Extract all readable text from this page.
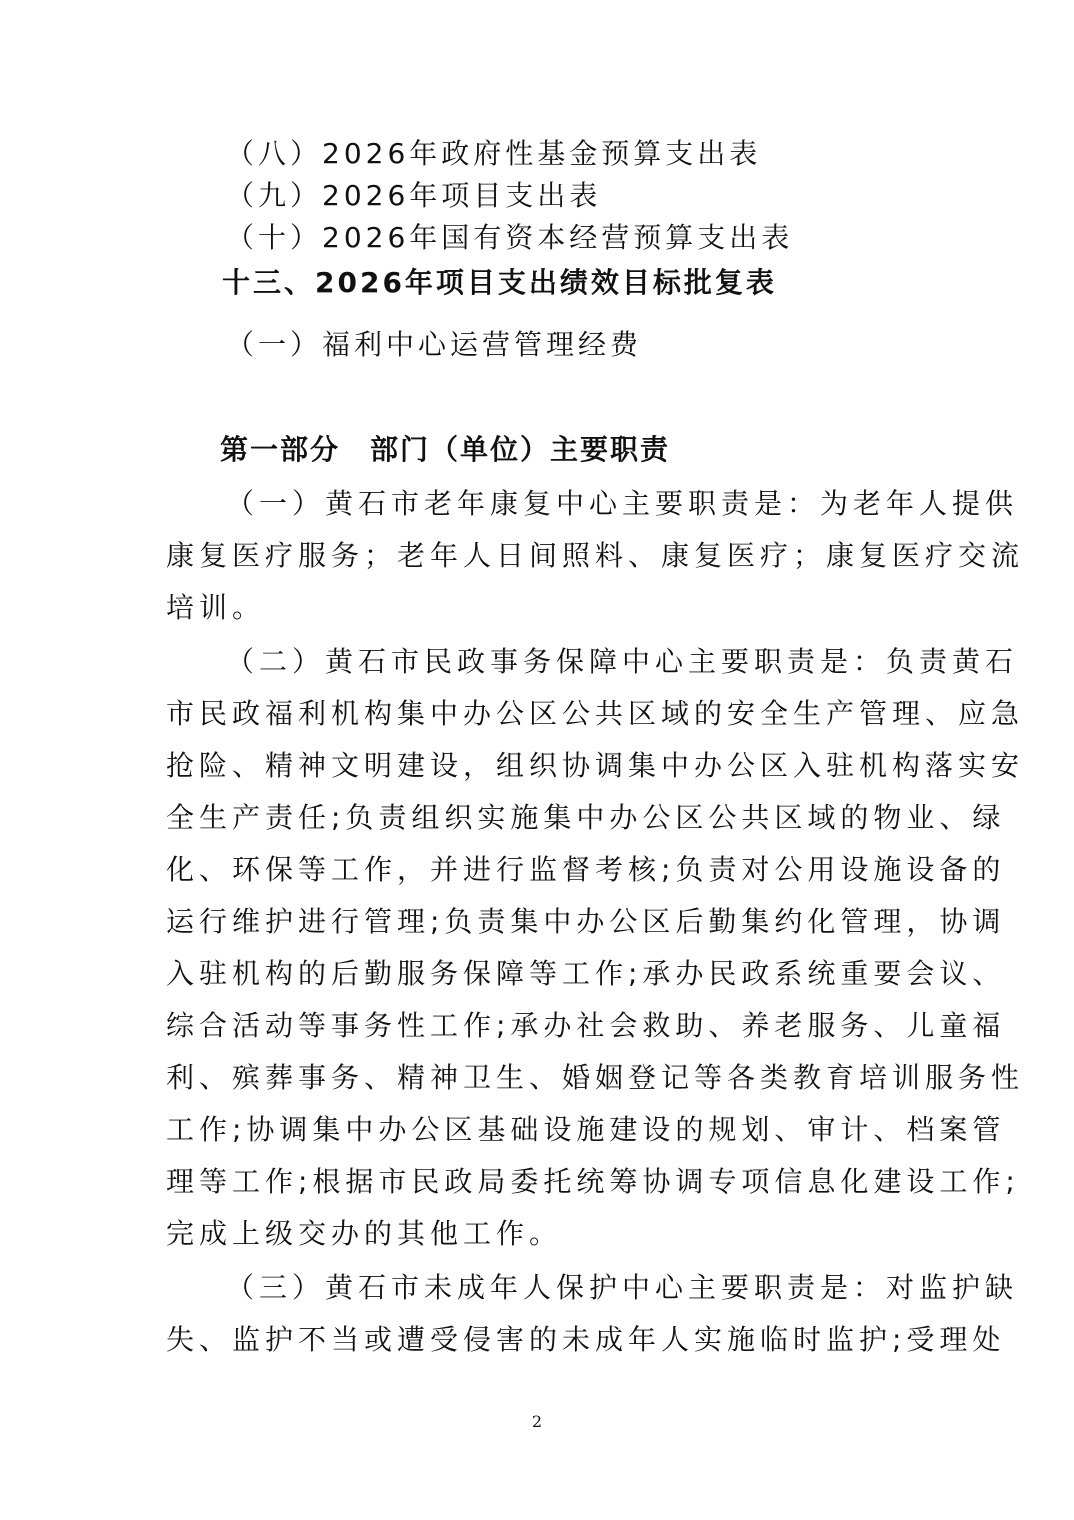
（八）2026年政府性基金预算支出表
（九）2026年项目支出表
（十）2026年国有资本经营预算支出表
十三、2026年项目支出绩效目标批复表
（一）福利中心运营管理经费
第一部分　部门（单位）主要职责
（一）黄石市老年康复中心主要职责是：为老年人提供
康复医疗服务；老年人日间照料、康复医疗；康复医疗交流
培训。
（二）黄石市民政事务保障中心主要职责是：负责黄石
市民政福利机构集中办公区公共区域的安全生产管理、应急
抢险、精神文明建设，组织协调集中办公区入驻机构落实安
全生产责任;负责组织实施集中办公区公共区域的物业、绿
化、环保等工作，并进行监督考核;负责对公用设施设备的
运行维护进行管理;负责集中办公区后勤集约化管理，协调
入驻机构的后勤服务保障等工作;承办民政系统重要会议、
综合活动等事务性工作;承办社会救助、养老服务、儿童福
利、殡葬事务、精神卫生、婚姻登记等各类教育培训服务性
工作;协调集中办公区基础设施建设的规划、审计、档案管
理等工作;根据市民政局委托统筹协调专项信息化建设工作;
完成上级交办的其他工作。
（三）黄石市未成年人保护中心主要职责是：对监护缺
失、监护不当或遭受侵害的未成年人实施临时监护;受理处
2
